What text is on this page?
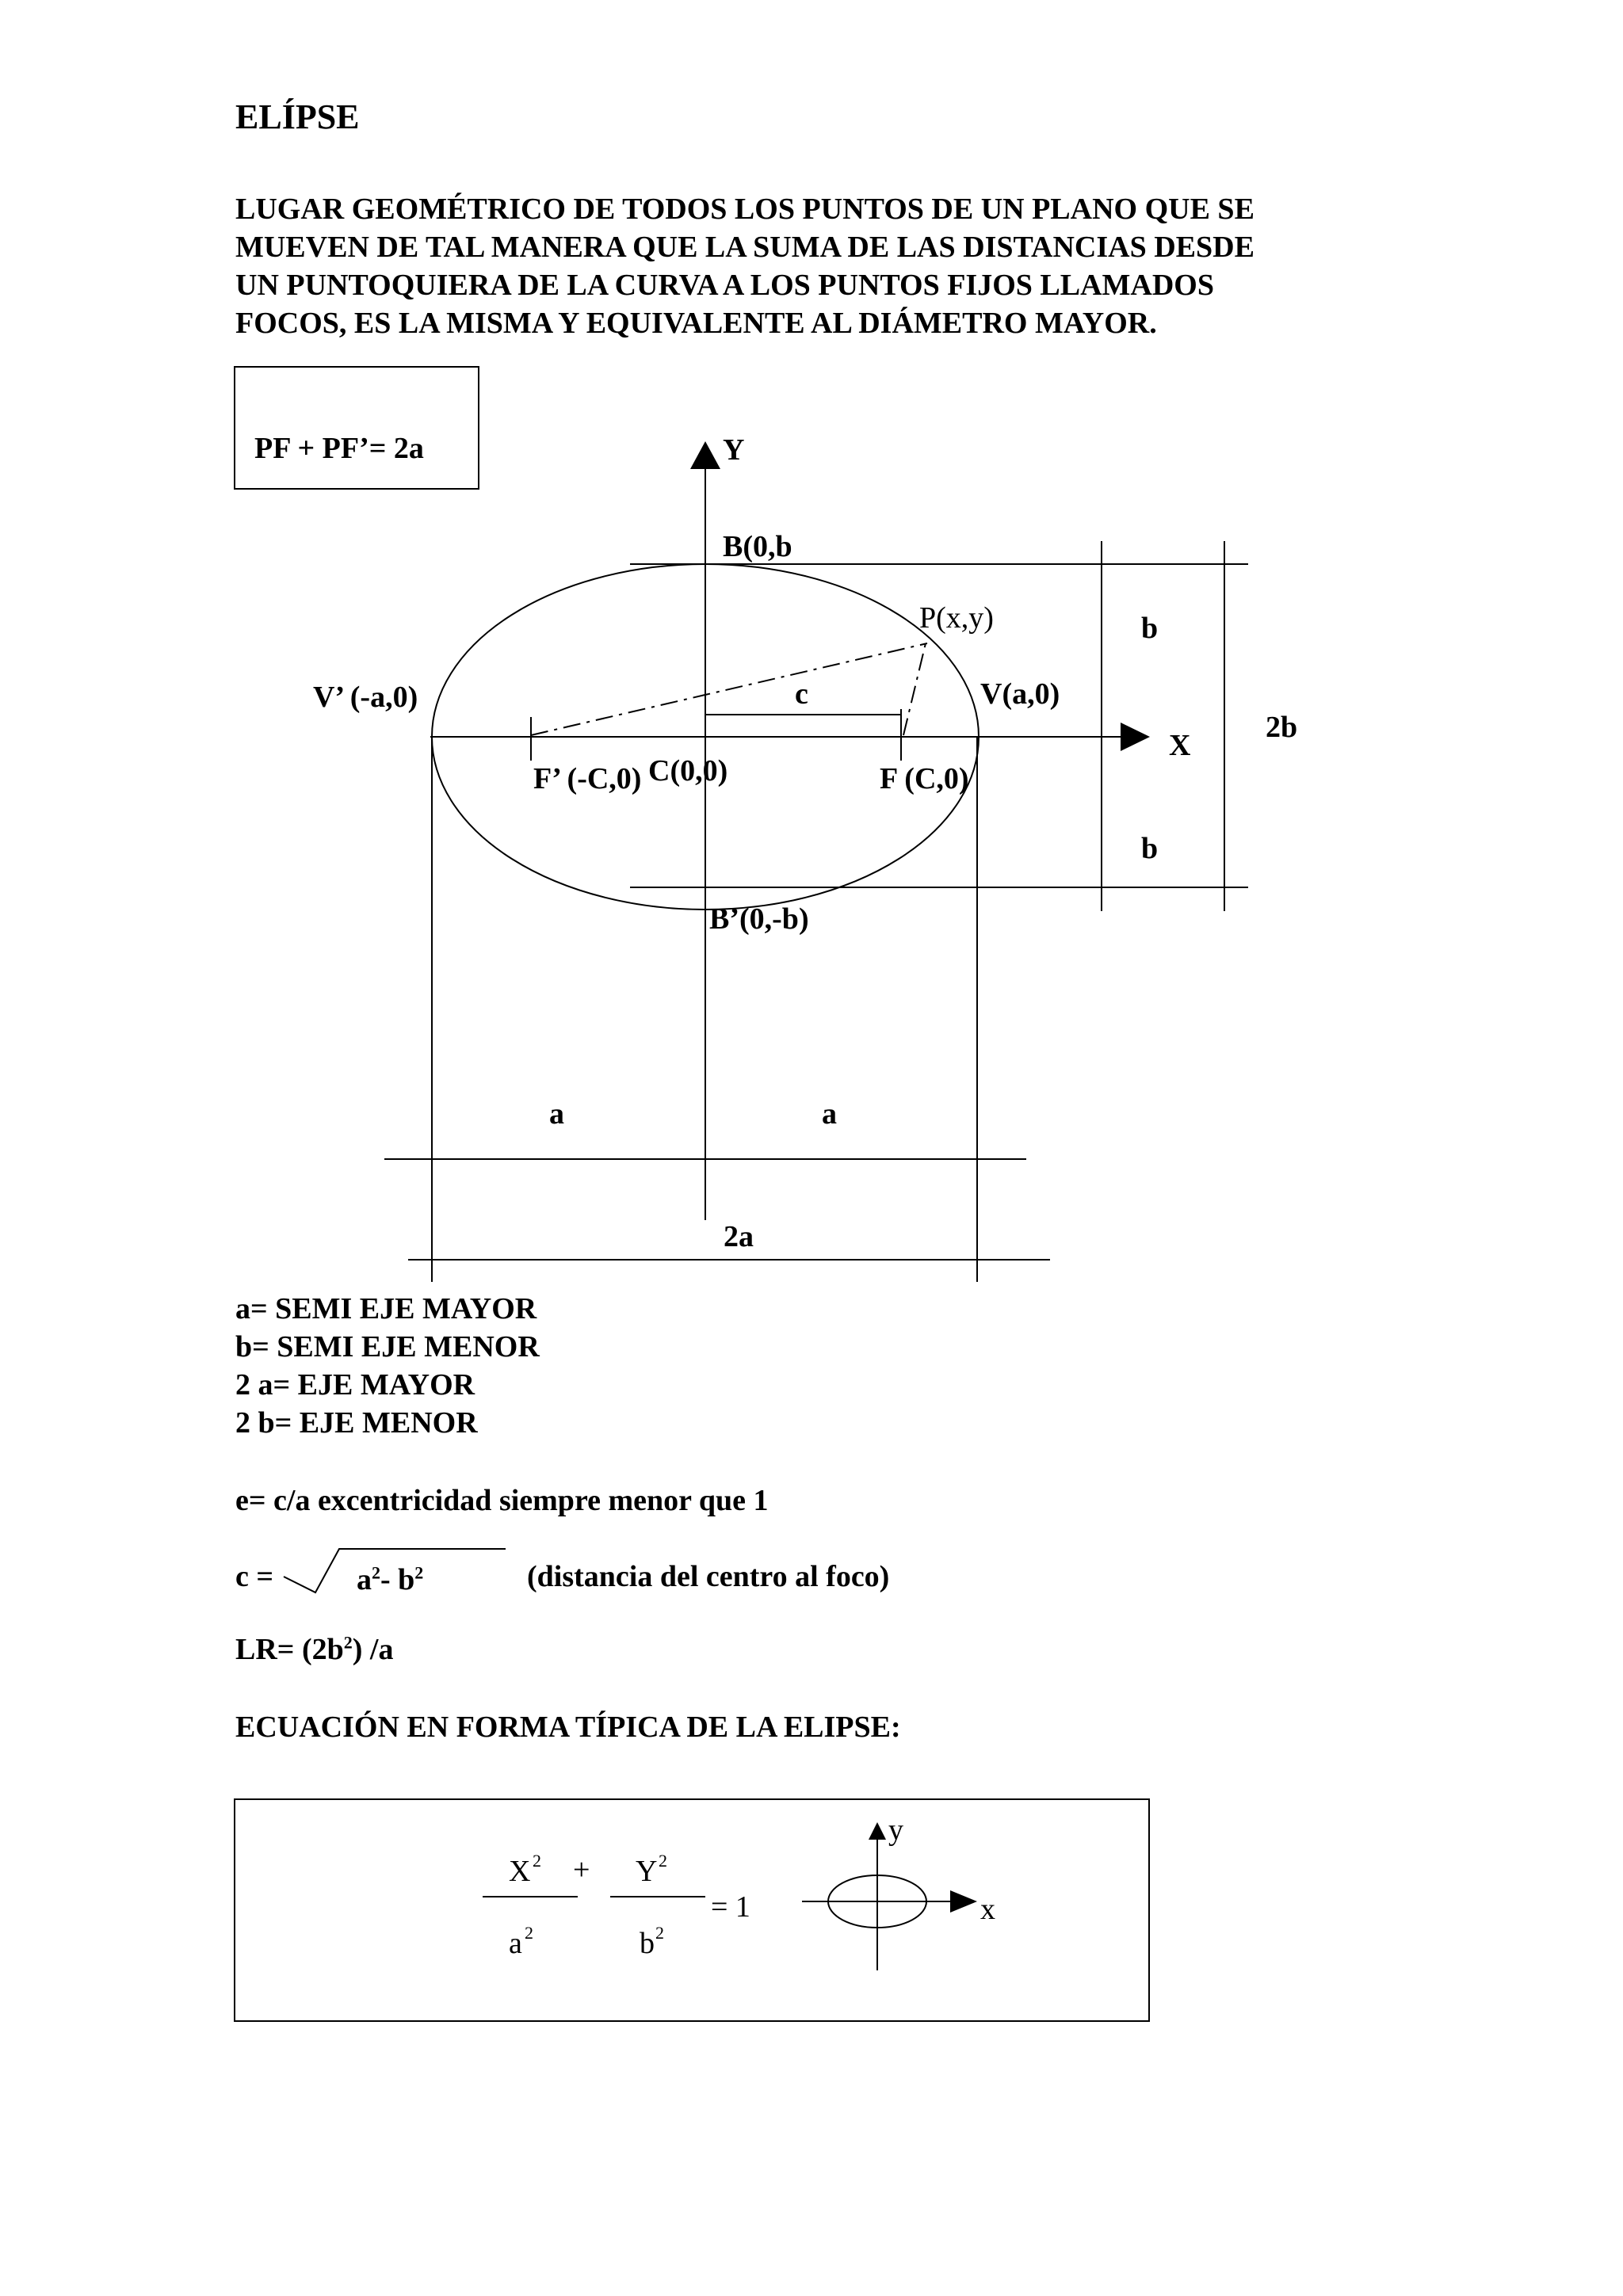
ELÍPSE
LUGAR GEOMÉTRICO DE TODOS LOS PUNTOS DE UN PLANO QUE SE
MUEVEN DE TAL MANERA QUE LA SUMA DE LAS DISTANCIAS DESDE
UN PUNTOQUIERA DE LA CURVA A LOS PUNTOS FIJOS LLAMADOS
FOCOS, ES LA MISMA Y EQUIVALENTE AL DIÁMETRO MAYOR.
PF + PF’= 2a	Y
X
B(0,b
B’(0,-b)
V’ (-a,0)	V(a,0)
F’ (-C,0) C(0,0)	F (C,0)
c
b
b
2b
a	a
2a
P(x,y)
a= SEMI EJE MAYOR
b= SEMI EJE MENOR
2 a= EJE MAYOR
2 b= EJE MENOR
e= c/a excentricidad siempre menor que 1
c =	$a^2-$ $b^2$	(distancia del centro al foco)
$LR= (2b^2)$ /a
ECUACIÓN EN FORMA TÍPICA DE LA ELIPSE:
X 2 + Y 2
a 2	b 2
= 1
y
x
